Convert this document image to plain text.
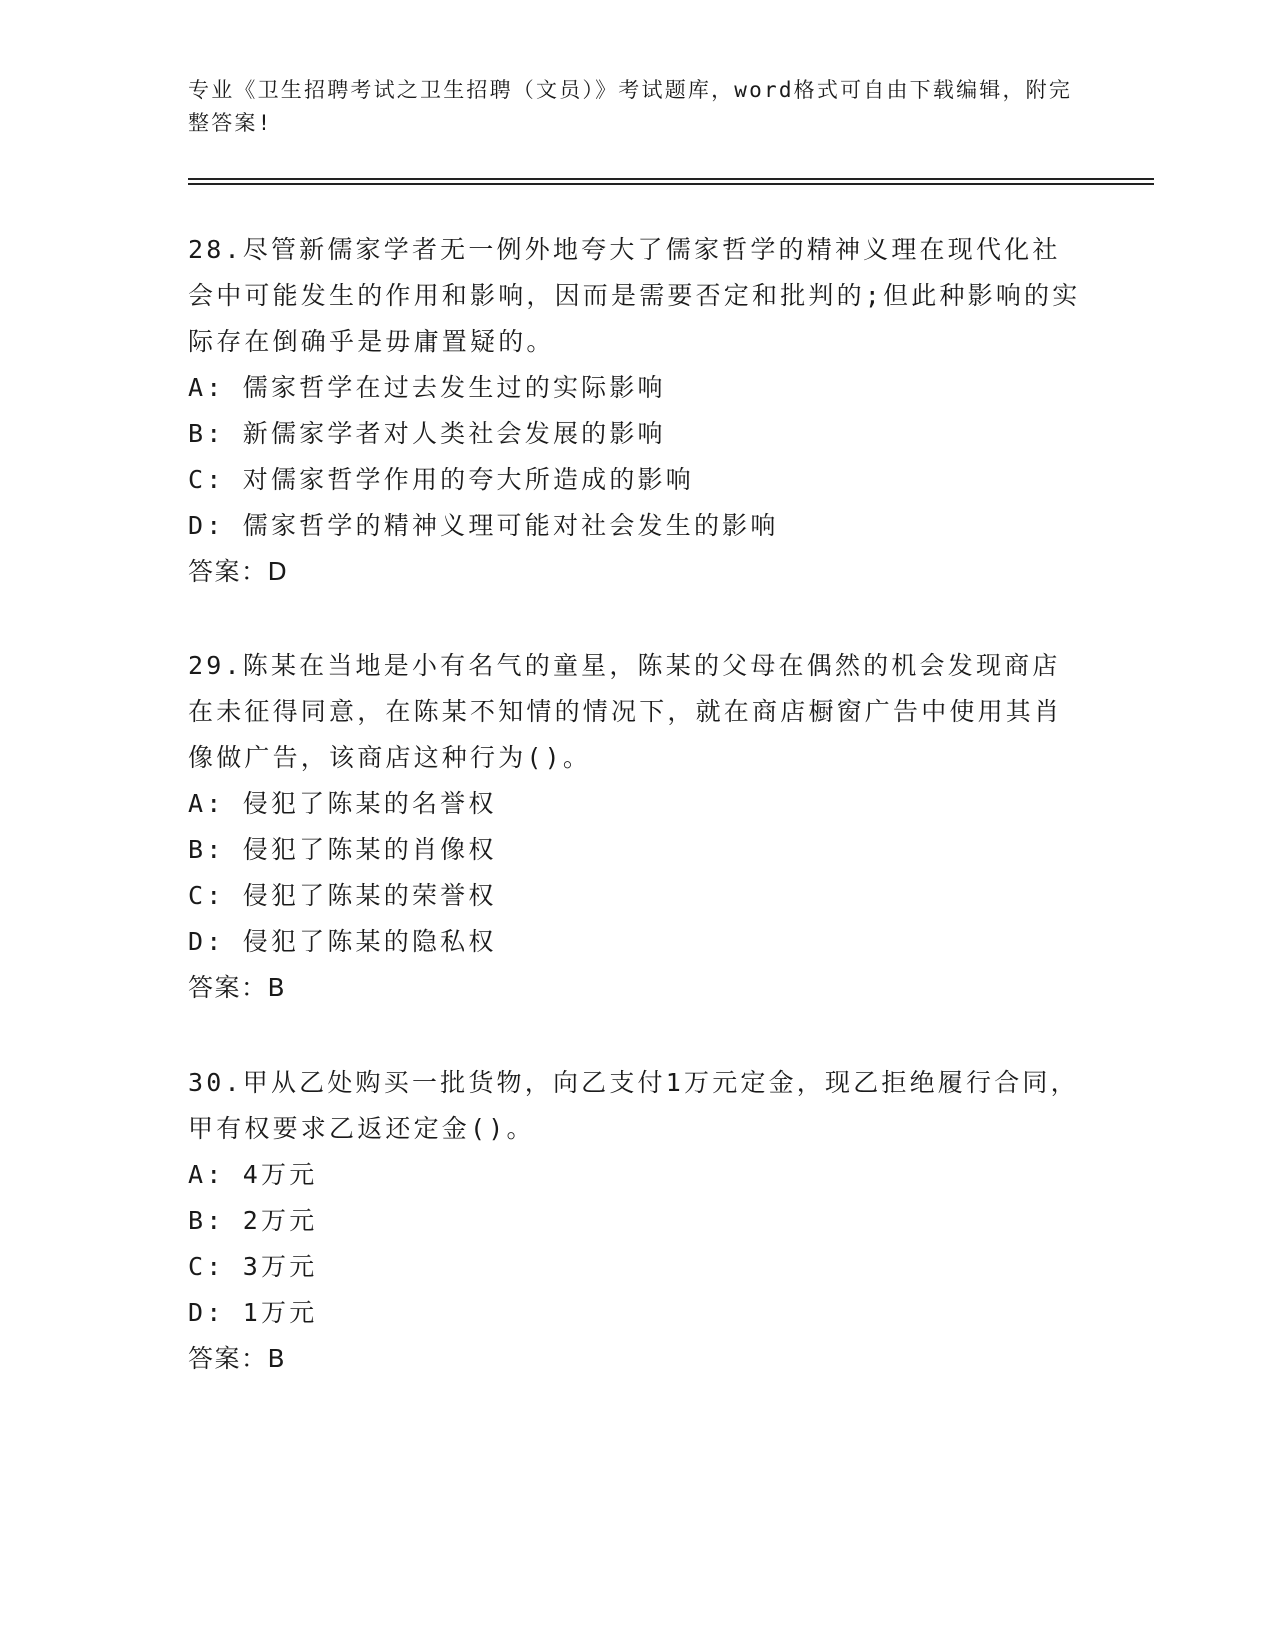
专业《卫生招聘考试之卫生招聘（文员）》考试题库，word格式可自由下载编辑，附完整答案!

28.尽管新儒家学者无一例外地夸大了儒家哲学的精神义理在现代化社会中可能发生的作用和影响，因而是需要否定和批判的;但此种影响的实际存在倒确乎是毋庸置疑的。

A: 儒家哲学在过去发生过的实际影响

B: 新儒家学者对人类社会发展的影响

C: 对儒家哲学作用的夸大所造成的影响

D: 儒家哲学的精神义理可能对社会发生的影响

答案：D

29.陈某在当地是小有名气的童星，陈某的父母在偶然的机会发现商店在未征得同意，在陈某不知情的情况下，就在商店橱窗广告中使用其肖像做广告，该商店这种行为()。

A: 侵犯了陈某的名誉权

B: 侵犯了陈某的肖像权

C: 侵犯了陈某的荣誉权

D: 侵犯了陈某的隐私权

答案：B

30.甲从乙处购买一批货物，向乙支付1万元定金，现乙拒绝履行合同，甲有权要求乙返还定金()。

A: 4万元

B: 2万元

C: 3万元

D: 1万元

答案：B
